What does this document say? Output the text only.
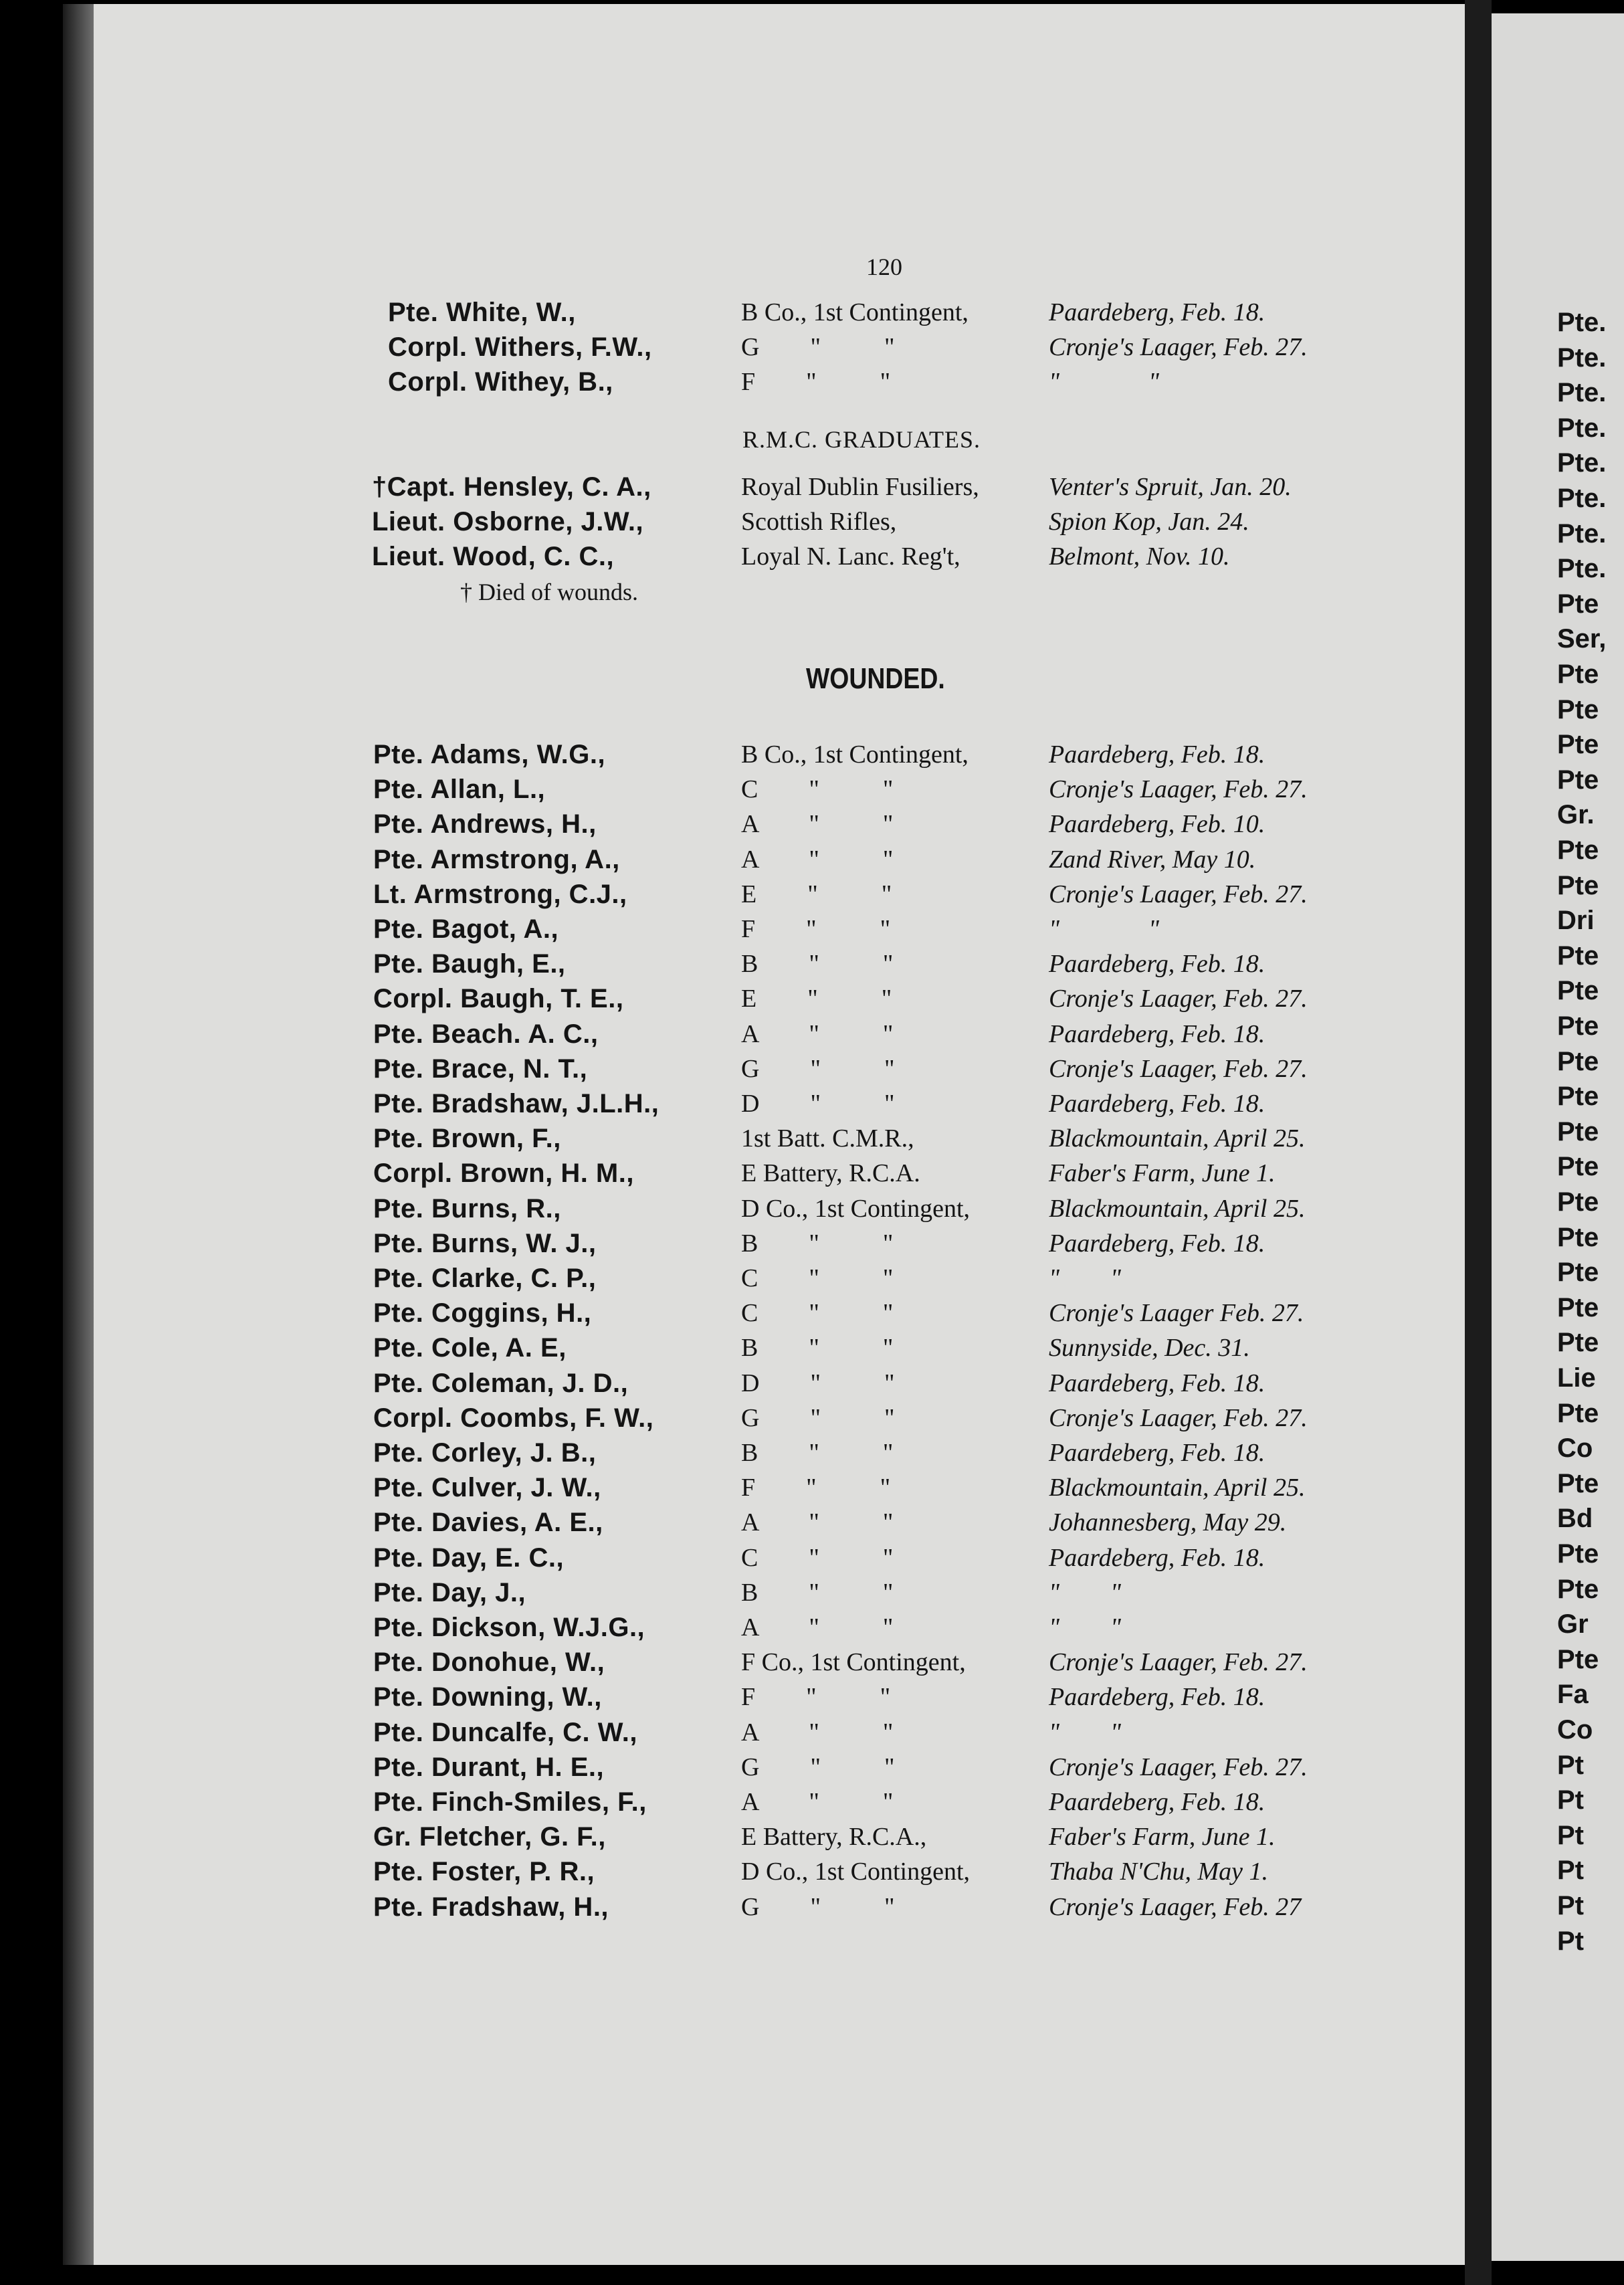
Pte.
Pte.
Pte.
Pte.
Pte.
Pte.
Pte.
Pte.
Pte
Ser,
Pte
Pte
Pte
Pte
Gr.
Pte
Pte
Dri
Pte
Pte
Pte
Pte
Pte
Pte
Pte
Pte
Pte
Pte
Pte
Pte
Lie
Pte
Co
Pte
Bd
Pte
Pte
Gr
Pte
Fa
Co
Pt
Pt
Pt
Pt
Pt
Pt
120
Pte. White, W.,	B Co., 1st Contingent,	Paardeberg, Feb. 18.
Corpl. Withers, F.W.,	G        "          "	Cronje's Laager, Feb. 27.
Corpl. Withey, B.,	F        "          "	"              "
R.M.C. GRADUATES.
†Capt. Hensley, C. A.,	Royal Dublin Fusiliers,	Venter's Spruit, Jan. 20.
Lieut. Osborne, J.W.,	Scottish Rifles,	Spion Kop, Jan. 24.
Lieut. Wood, C. C.,	Loyal N. Lanc. Reg't,	Belmont, Nov. 10.
† Died of wounds.
WOUNDED.
Pte. Adams, W.G.,	B Co., 1st Contingent,	Paardeberg, Feb. 18.
Pte. Allan, L.,	C        "          "	Cronje's Laager, Feb. 27.
Pte. Andrews, H.,	A        "          "	Paardeberg, Feb. 10.
Pte. Armstrong, A.,	A        "          "	Zand River, May 10.
Lt. Armstrong, C.J.,	E        "          "	Cronje's Laager, Feb. 27.
Pte. Bagot, A.,	F        "          "	"              "
Pte. Baugh, E.,	B        "          "	Paardeberg, Feb. 18.
Corpl. Baugh, T. E.,	E        "          "	Cronje's Laager, Feb. 27.
Pte. Beach. A. C.,	A        "          "	Paardeberg, Feb. 18.
Pte. Brace, N. T.,	G        "          "	Cronje's Laager, Feb. 27.
Pte. Bradshaw, J.L.H.,	D        "          "	Paardeberg, Feb. 18.
Pte. Brown, F.,	1st Batt. C.M.R.,	Blackmountain, April 25.
Corpl. Brown, H. M.,	E Battery, R.C.A.	Faber's Farm, June 1.
Pte. Burns, R.,	D Co., 1st Contingent,	Blackmountain, April 25.
Pte. Burns, W. J.,	B        "          "	Paardeberg, Feb. 18.
Pte. Clarke, C. P.,	C        "          "	"        "
Pte. Coggins, H.,	C        "          "	Cronje's Laager Feb. 27.
Pte. Cole, A. E,	B        "          "	Sunnyside, Dec. 31.
Pte. Coleman, J. D.,	D        "          "	Paardeberg, Feb. 18.
Corpl. Coombs, F. W.,	G        "          "	Cronje's Laager, Feb. 27.
Pte. Corley, J. B.,	B        "          "	Paardeberg, Feb. 18.
Pte. Culver, J. W.,	F        "          "	Blackmountain, April 25.
Pte. Davies, A. E.,	A        "          "	Johannesberg, May 29.
Pte. Day, E. C.,	C        "          "	Paardeberg, Feb. 18.
Pte. Day, J.,	B        "          "	"        "
Pte. Dickson, W.J.G.,	A        "          "	"        "
Pte. Donohue, W.,	F Co., 1st Contingent,	Cronje's Laager, Feb. 27.
Pte. Downing, W.,	F        "          "	Paardeberg, Feb. 18.
Pte. Duncalfe, C. W.,	A        "          "	"        "
Pte. Durant, H. E.,	G        "          "	Cronje's Laager, Feb. 27.
Pte. Finch-Smiles, F.,	A        "          "	Paardeberg, Feb. 18.
Gr. Fletcher, G. F.,	E Battery, R.C.A.,	Faber's Farm, June 1.
Pte. Foster, P. R.,	D Co., 1st Contingent,	Thaba N'Chu, May 1.
Pte. Fradshaw, H.,	G        "          "	Cronje's Laager, Feb. 27
